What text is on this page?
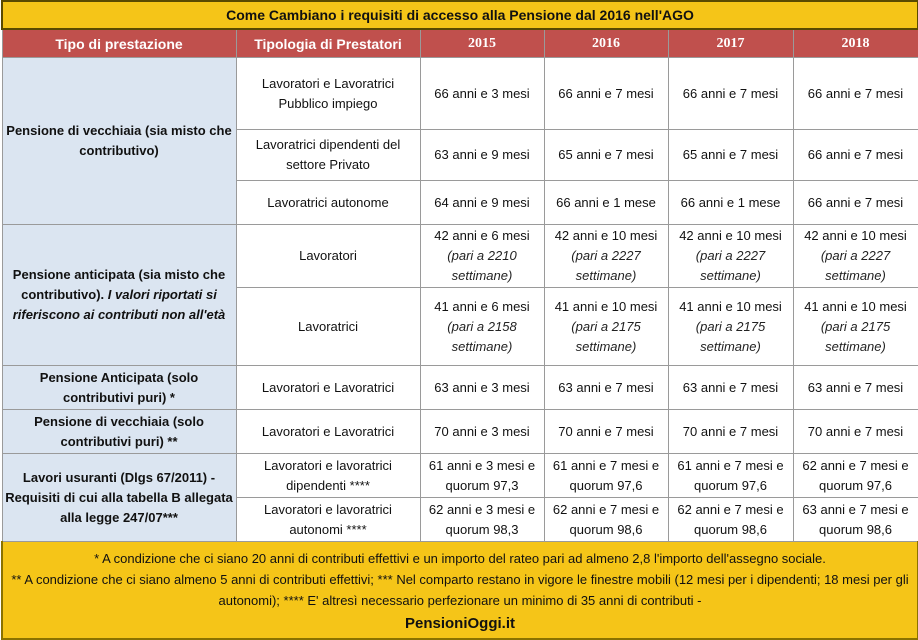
Come Cambiano i requisiti di accesso alla Pensione dal 2016 nell'AGO					
Tipo di prestazione	Tipologia di Prestatori	2015	2016	2017	2018
Pensione di vecchiaia (sia misto che contributivo)	Lavoratori e Lavoratrici Pubblico impiego	66 anni e 3 mesi	66 anni e 7 mesi	66 anni e 7 mesi	66 anni e 7 mesi
	Lavoratrici dipendenti del settore Privato	63 anni e 9 mesi	65 anni e 7 mesi	65 anni e 7 mesi	66 anni e 7 mesi
	Lavoratrici autonome	64 anni e 9 mesi	66 anni e 1 mese	66 anni e 1 mese	66 anni e 7 mesi
Pensione anticipata (sia misto che contributivo). I valori riportati si riferiscono ai contributi non all'età	Lavoratori	42 anni e 6 mesi (pari a 2210 settimane)	42 anni e 10 mesi (pari a 2227 settimane)	42 anni e 10 mesi (pari a 2227 settimane)	42 anni e 10 mesi (pari a 2227 settimane)
	Lavoratrici	41 anni e 6 mesi (pari a 2158 settimane)	41 anni e 10 mesi (pari a 2175 settimane)	41 anni e 10 mesi (pari a 2175 settimane)	41 anni e 10 mesi (pari a 2175 settimane)
Pensione Anticipata (solo contributivi puri) *	Lavoratori e Lavoratrici	63 anni e 3 mesi	63 anni e 7 mesi	63 anni e 7 mesi	63 anni e 7 mesi
Pensione di vecchiaia (solo contributivi puri) **	Lavoratori e Lavoratrici	70 anni e 3 mesi	70 anni e 7 mesi	70 anni e 7 mesi	70 anni e 7 mesi
Lavori usuranti (Dlgs 67/2011) - Requisiti di cui alla tabella B allegata alla legge 247/07***	Lavoratori e lavoratrici dipendenti ****	61 anni e 3 mesi e quorum 97,3	61 anni e 7 mesi e quorum 97,6	61 anni e 7 mesi e quorum 97,6	62 anni e 7 mesi e quorum 97,6
	Lavoratori e lavoratrici autonomi ****	62 anni e 3 mesi e quorum 98,3	62 anni e 7 mesi e quorum 98,6	62 anni e 7 mesi e quorum 98,6	63 anni e 7 mesi e quorum 98,6
* A condizione che ci siano 20 anni di contributi effettivi e un importo del rateo pari ad almeno 2,8 l'importo dell'assegno sociale.
** A condizione che ci siano almeno 5 anni di contributi effettivi; *** Nel comparto restano in vigore le finestre mobili (12 mesi per i dipendenti; 18 mesi per gli autonomi); **** E' altresì necessario perfezionare un minimo di 35 anni di contributi -
PensioniOggi.it					
